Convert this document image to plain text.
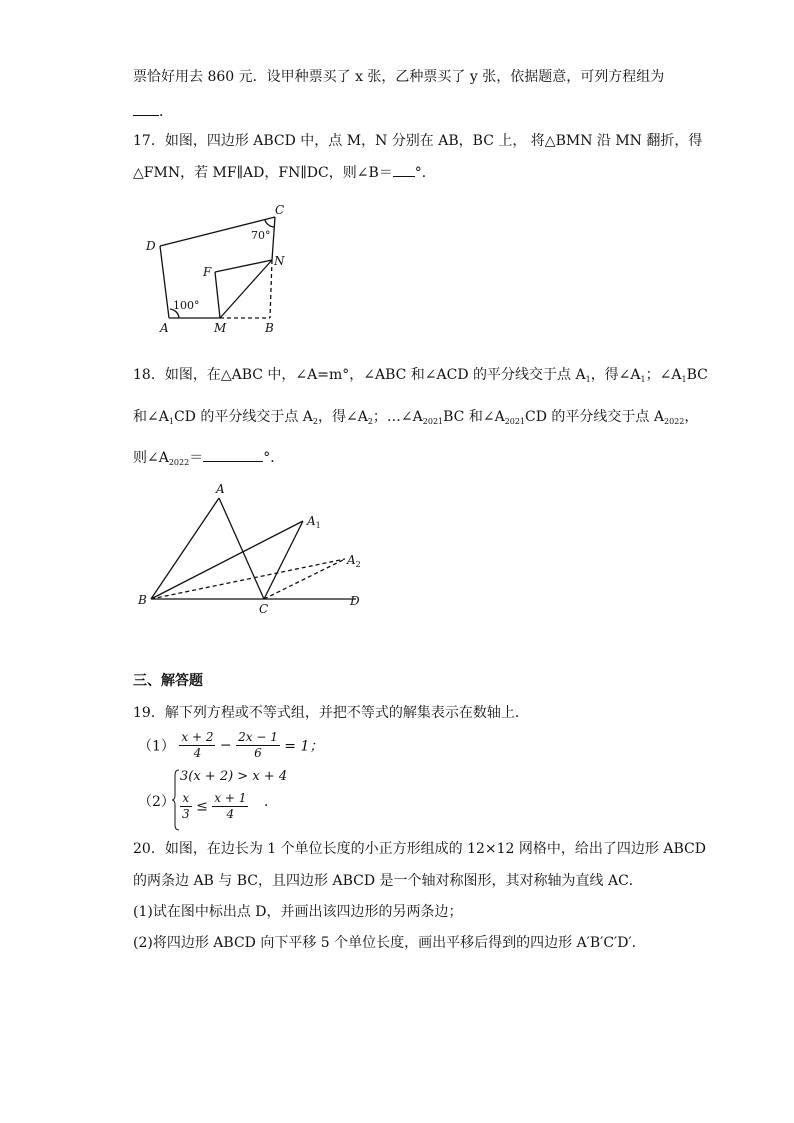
票恰好用去 860 元．设甲种票买了 x 张，乙种票买了 y 张，依据题意，可列方程组为
．
17．如图，四边形 ABCD 中，点 M，N 分别在 AB，BC 上， 将△BMN 沿 MN 翻折，得
△FMN，若 MF∥AD，FN∥DC，则∠B＝ °．
D
C
F
N
A	M	B
70°
100°
18．如图，在△ABC 中，∠A=m°，∠ABC 和∠ACD 的平分线交于点 $A_1$，得$\angle A_1$；$\angle A_1BC$
和$\angle A_1CD$ 的平分线交于点 $A_2$，得$\angle A_2$；$\dots\angle A_{2021}BC$ 和$\angle A_{2021}CD$ 的平分线交于点 $A_{2022}$，
则$\angle A_{2022}=$	°．
A
$A_1$
$A_2$
B
C
D
三、解答题
19．解下列方程或不等式组，并把不等式的解集表示在数轴上．
$(1) \frac{x + 2}{4} - \frac{2x - 1}{6} = 1$；
（2）
3(x + 2) > x + 4
$\frac{x}{3} \le \frac{x + 1}{4}$ ．
20．如图，在边长为 1 个单位长度的小正方形组成的 12×12 网格中，给出了四边形 ABCD
的两条边 AB 与 BC，且四边形 ABCD 是一个轴对称图形，其对称轴为直线 AC．
(1)试在图中标出点 D，并画出该四边形的另两条边；
(2)将四边形 ABCD 向下平移 5 个单位长度，画出平移后得到的四边形 A′B′C′D′.
